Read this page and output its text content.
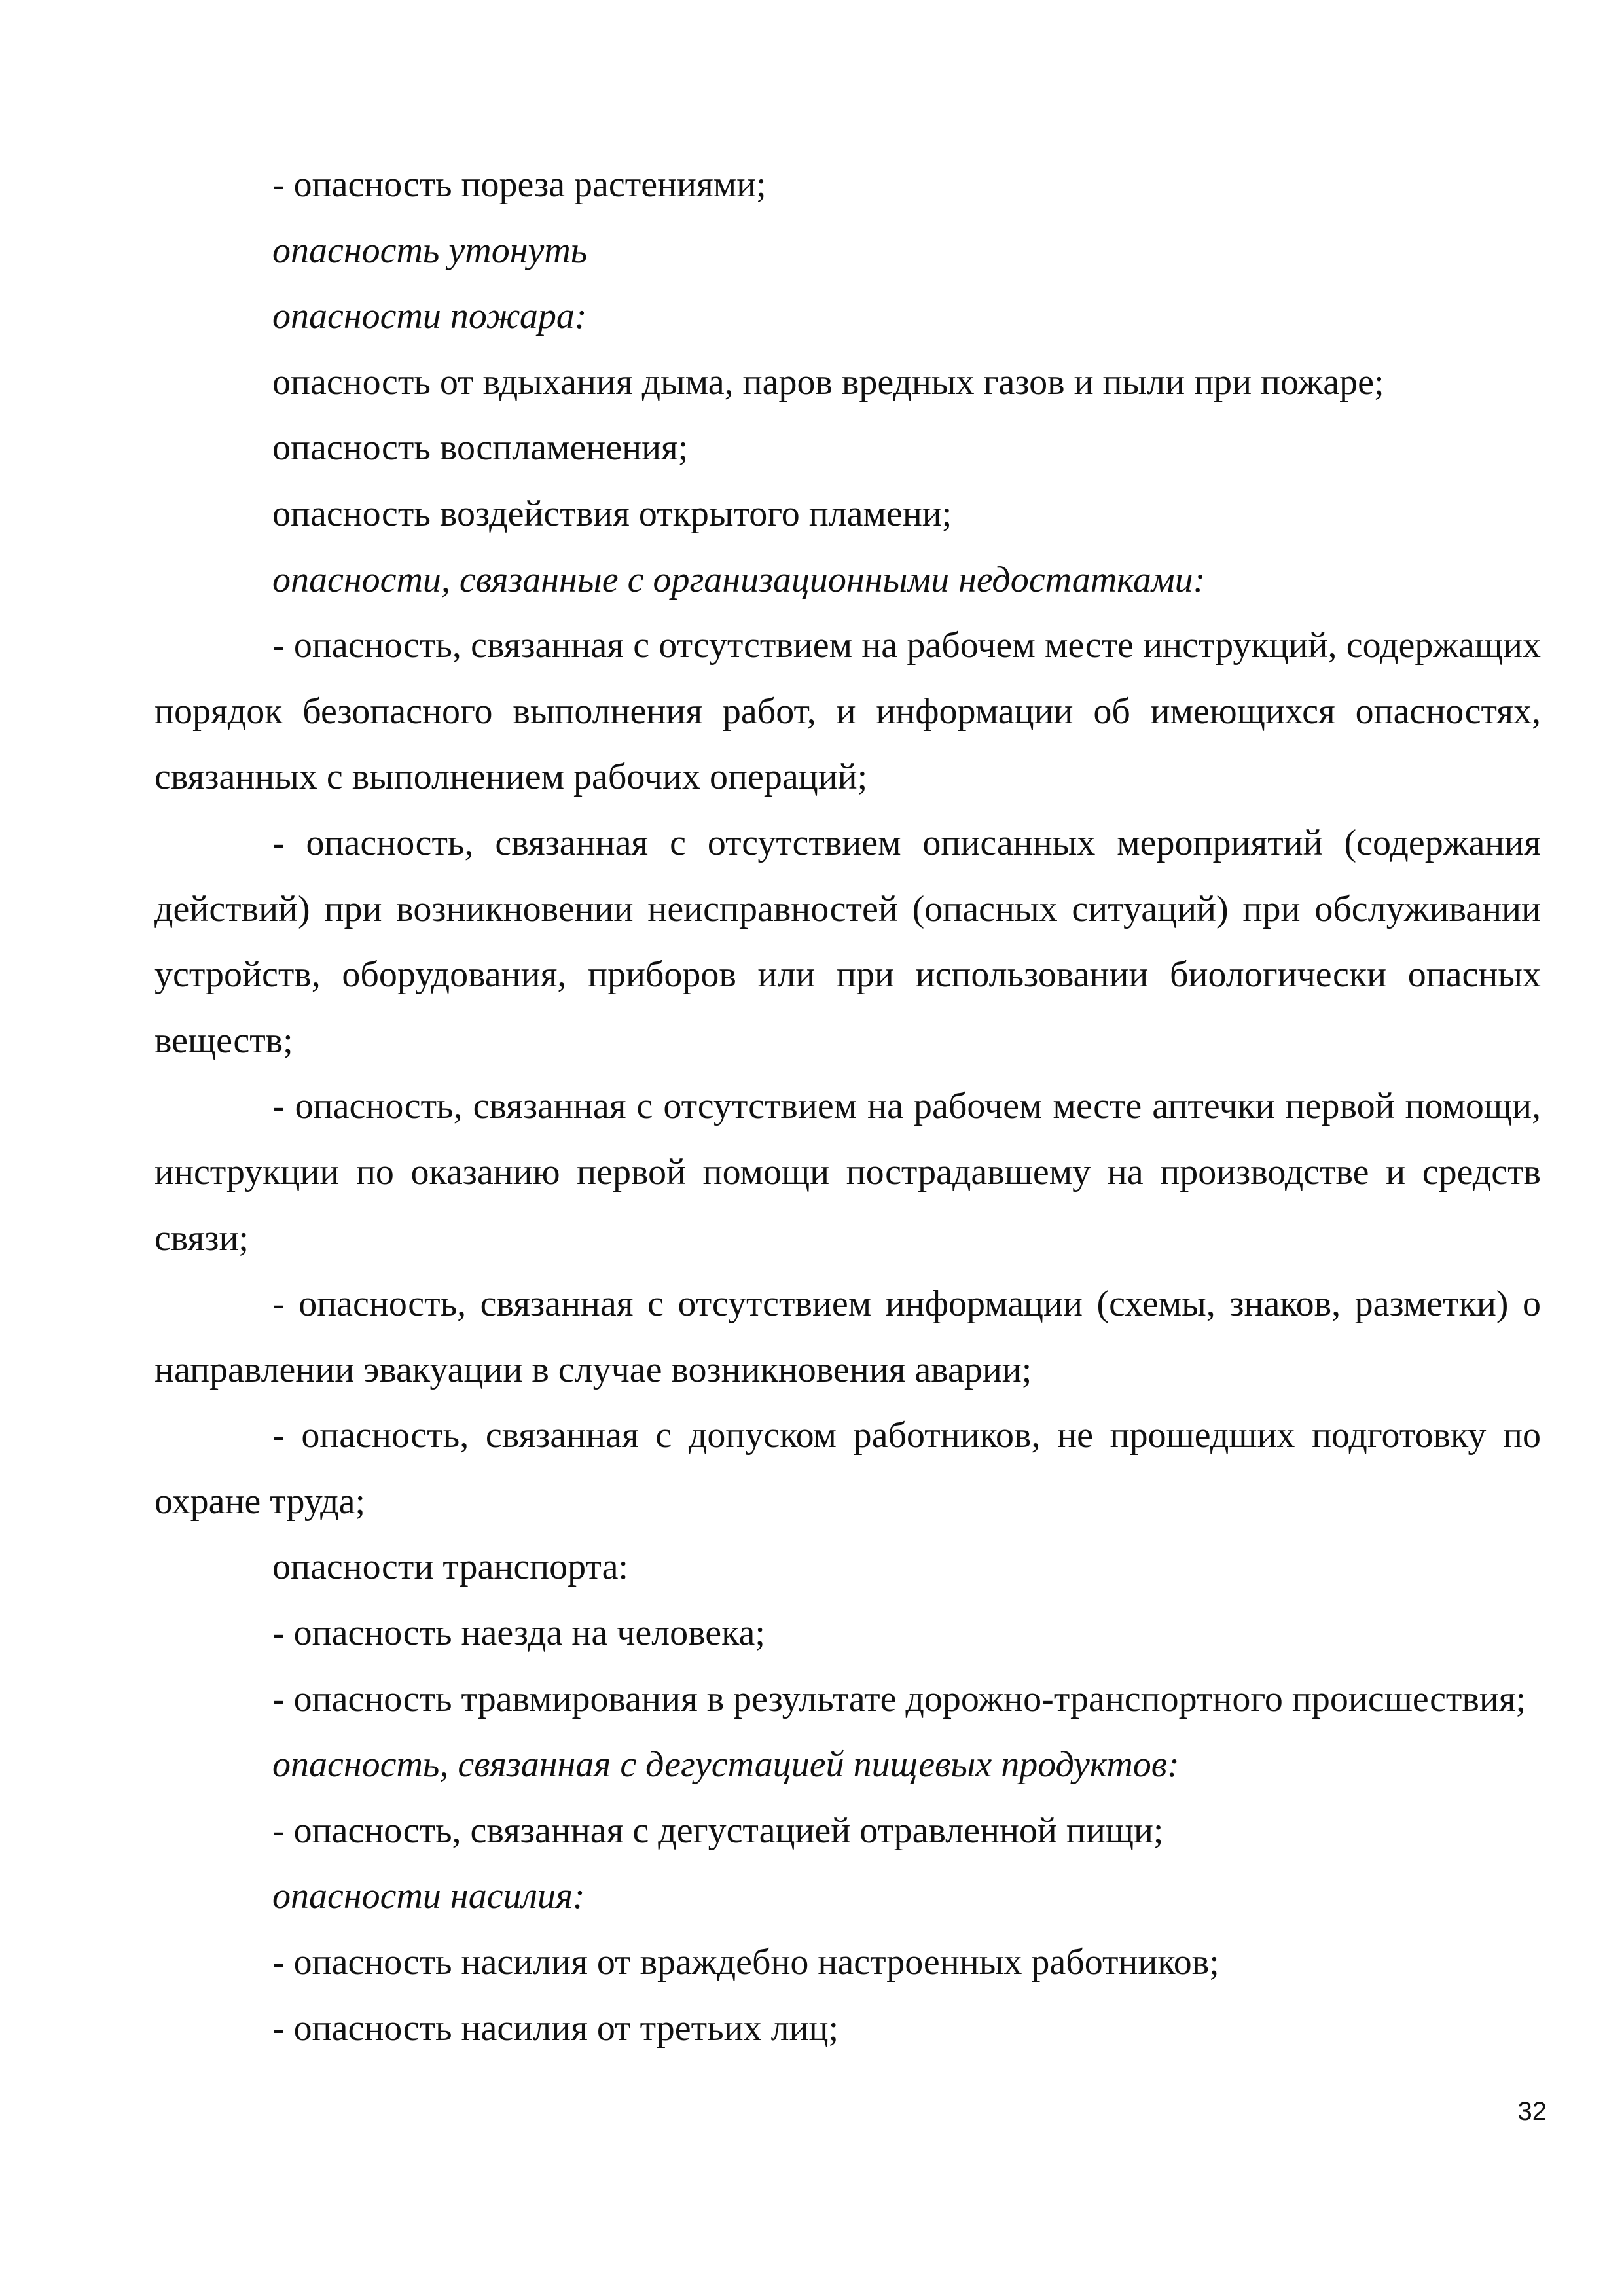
- опасность пореза растениями;

опасность утонуть

опасности пожара:

опасность от вдыхания дыма, паров вредных газов и пыли при пожаре;

опасность воспламенения;

опасность воздействия открытого пламени;

опасности, связанные с организационными недостатками:

- опасность, связанная с отсутствием на рабочем месте инструкций, содержащих порядок безопасного выполнения работ, и информации об имеющихся опасностях, связанных с выполнением рабочих операций;

- опасность, связанная с отсутствием описанных мероприятий (содержания действий) при возникновении неисправностей (опасных ситуаций) при обслуживании устройств, оборудования, приборов или при использовании биологически опасных веществ;

- опасность, связанная с отсутствием на рабочем месте аптечки первой помощи, инструкции по оказанию первой помощи пострадавшему на производстве и средств связи;

- опасность, связанная с отсутствием информации (схемы, знаков, разметки) о направлении эвакуации в случае возникновения аварии;

- опасность, связанная с допуском работников, не прошедших подготовку по охране труда;

опасности транспорта:

- опасность наезда на человека;

- опасность травмирования в результате дорожно-транспортного происшествия;

опасность, связанная с дегустацией пищевых продуктов:

- опасность, связанная с дегустацией отравленной пищи;

опасности насилия:

- опасность насилия от враждебно настроенных работников;

- опасность насилия от третьих лиц;

32
